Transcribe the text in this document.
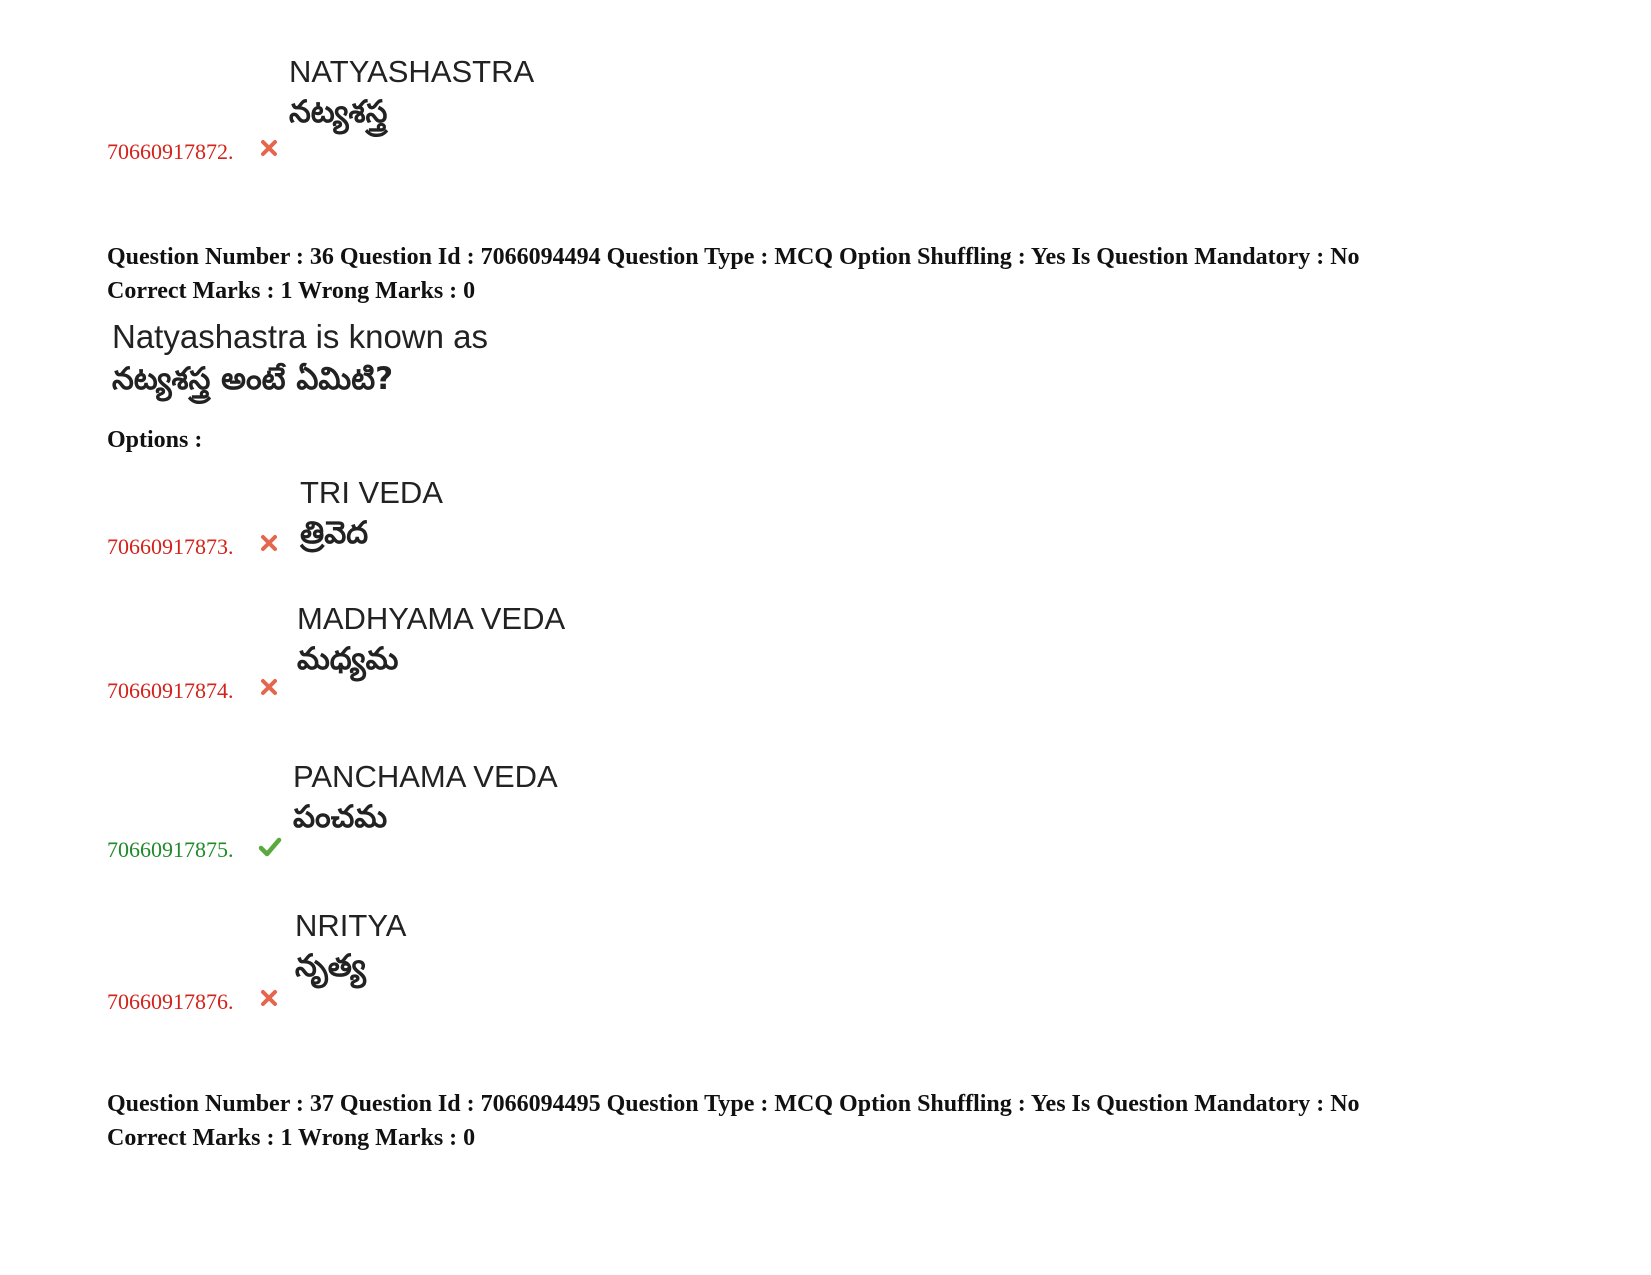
70660917872.
NATYASHASTRA
నట్యశస్త్ర
Question Number : 36 Question Id : 7066094494 Question Type : MCQ Option Shuffling : Yes Is Question Mandatory : No
Correct Marks : 1 Wrong Marks : 0
Natyashastra is known as
నట్యశస్త్ర అంటే ఏమిటి?
Options :
70660917873.
TRI VEDA
త్రివెద
70660917874.
MADHYAMA VEDA
మధ్యమ
70660917875.
PANCHAMA VEDA
పంచమ
70660917876.
NRITYA
నృత్య
Question Number : 37 Question Id : 7066094495 Question Type : MCQ Option Shuffling : Yes Is Question Mandatory : No
Correct Marks : 1 Wrong Marks : 0
